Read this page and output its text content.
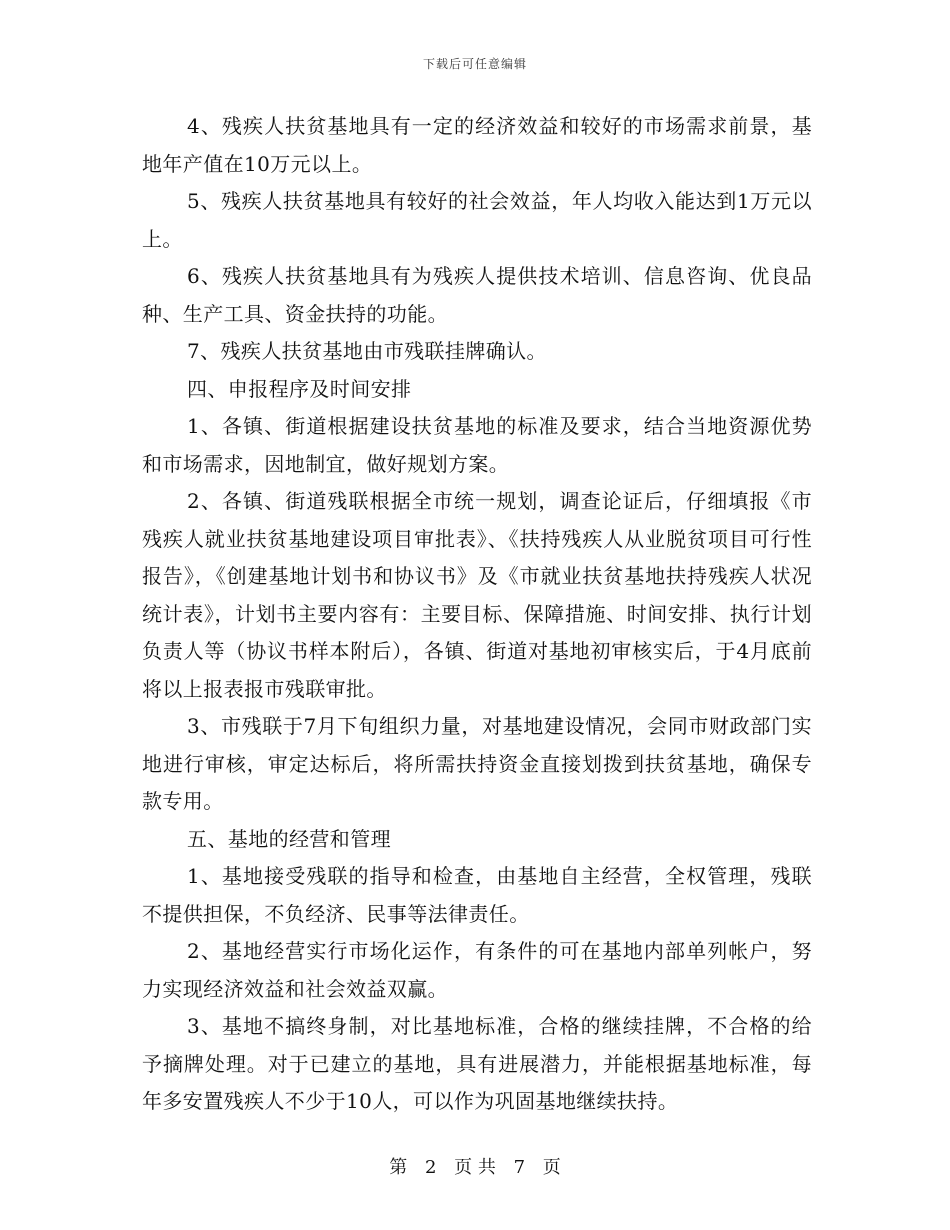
下载后可任意编辑

4、残疾人扶贫基地具有一定的经济效益和较好的市场需求前景，基地年产值在10万元以上。

5、残疾人扶贫基地具有较好的社会效益，年人均收入能达到1万元以上。

6、残疾人扶贫基地具有为残疾人提供技术培训、信息咨询、优良品种、生产工具、资金扶持的功能。

7、残疾人扶贫基地由市残联挂牌确认。

四、申报程序及时间安排

1、各镇、街道根据建设扶贫基地的标准及要求，结合当地资源优势和市场需求，因地制宜，做好规划方案。

2、各镇、街道残联根据全市统一规划，调查论证后，仔细填报《市残疾人就业扶贫基地建设项目审批表》、《扶持残疾人从业脱贫项目可行性报告》，《创建基地计划书和协议书》及《市就业扶贫基地扶持残疾人状况统计表》，计划书主要内容有：主要目标、保障措施、时间安排、执行计划负责人等（协议书样本附后），各镇、街道对基地初审核实后，于4月底前将以上报表报市残联审批。

3、市残联于7月下旬组织力量，对基地建设情况，会同市财政部门实地进行审核，审定达标后，将所需扶持资金直接划拨到扶贫基地，确保专款专用。

五、基地的经营和管理

1、基地接受残联的指导和检查，由基地自主经营，全权管理，残联不提供担保，不负经济、民事等法律责任。

2、基地经营实行市场化运作，有条件的可在基地内部单列帐户，努力实现经济效益和社会效益双赢。

3、基地不搞终身制，对比基地标准，合格的继续挂牌，不合格的给予摘牌处理。对于已建立的基地，具有进展潜力，并能根据基地标准，每年多安置残疾人不少于10人，可以作为巩固基地继续扶持。

第 2 页 共 7 页
